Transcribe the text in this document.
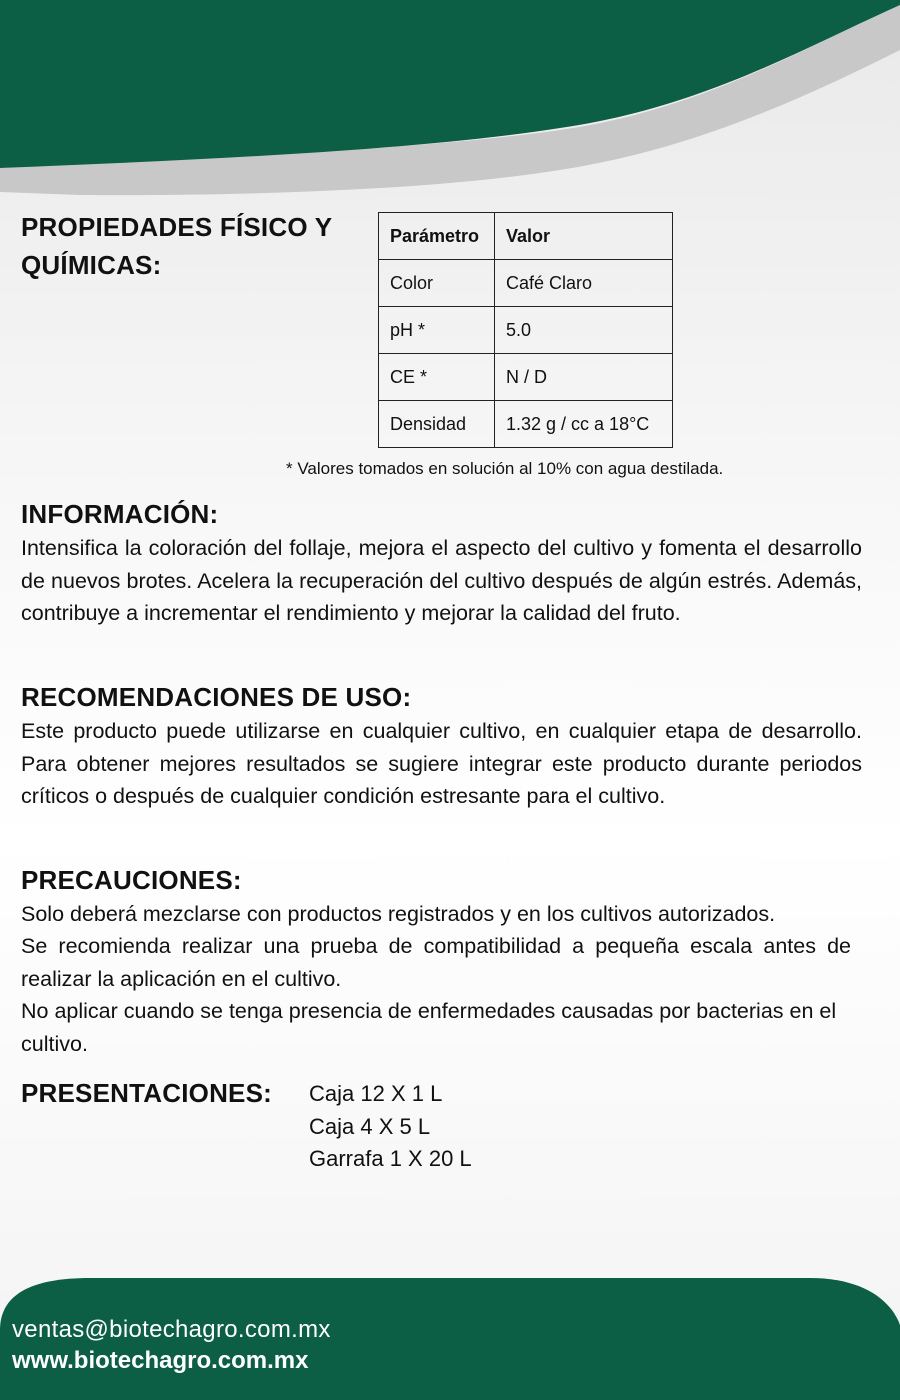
PROPIEDADES FÍSICO Y QUÍMICAS:
Parámetro	Valor
Color	Café Claro
pH *	5.0
CE *	N / D
Densidad	1.32 g / cc a 18°C
* Valores tomados en solución al 10% con agua destilada.
INFORMACIÓN:

Intensifica la coloración del follaje, mejora el aspecto del cultivo y fomenta el desarrollo de nuevos brotes. Acelera la recuperación del cultivo después de algún estrés. Además, contribuye a incrementar el rendimiento y mejorar la calidad del fruto.

RECOMENDACIONES DE USO:

Este producto puede utilizarse en cualquier cultivo, en cualquier etapa de desarrollo. Para obtener mejores resultados se sugiere integrar este producto durante periodos críticos o después de cualquier condición estresante para el cultivo.

PRECAUCIONES:

Solo deberá mezclarse con productos registrados y en los cultivos autorizados.

Se recomienda realizar una prueba de compatibilidad a pequeña escala antes de realizar la aplicación en el cultivo.

No aplicar cuando se tenga presencia de enfermedades causadas por bacterias en el cultivo.

PRESENTACIONES: Caja 12 X 1 L
Caja 4 X 5 L
Garrafa 1 X 20 L
ventas@biotechagro.com.mx
www.biotechagro.com.mx
